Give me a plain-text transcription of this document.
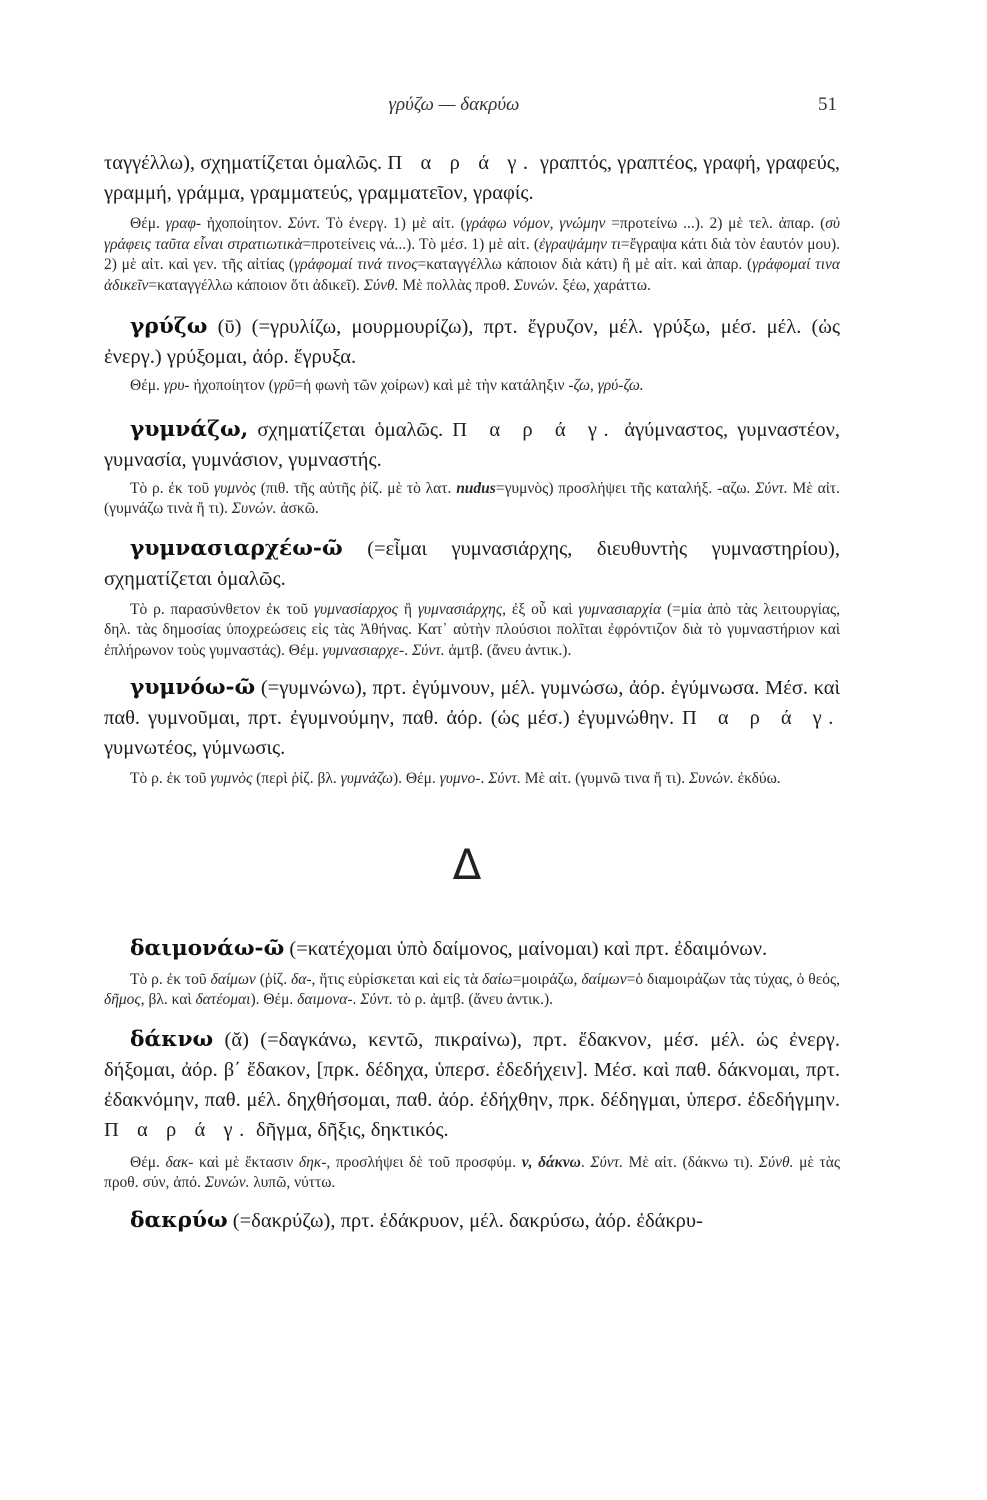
γρύζω — δακρύω	51
ταγγέλλω), σχηματίζεται ὁμαλῶς. Π α ρ ά γ. γραπτός, γραπτέος, γραφή, γραφεύς, γραμμή, γράμμα, γραμματεύς, γραμματεῖον, γραφίς.
Θέμ. γραφ- ἠχοποίητον. Σύντ. Τὸ ἐνεργ. 1) μὲ αἰτ. (γράφω νόμον, γνώμην =προτείνω ...). 2) μὲ τελ. ἀπαρ. (σὺ γράφεις ταῦτα εἶναι στρατιωτικὰ=προτείνεις νά...). Τὸ μέσ. 1) μὲ αἰτ. (ἐγραψάμην τι=ἔγραψα κάτι διὰ τὸν ἑαυτόν μου). 2) μὲ αἰτ. καὶ γεν. τῆς αἰτίας (γράφομαί τινά τινος=καταγγέλλω κάποιον διὰ κάτι) ἢ μὲ αἰτ. καὶ ἀπαρ. (γράφομαί τινα ἀδικεῖν=καταγγέλλω κάποιον ὅτι ἀδικεῖ). Σύνθ. Μὲ πολλὰς προθ. Συνών. ξέω, χαράττω.
γρύζω (ῡ) (=γρυλίζω, μουρμουρίζω), πρτ. ἔγρυζον, μέλ. γρύξω, μέσ. μέλ. (ὡς ἐνεργ.) γρύξομαι, ἀόρ. ἔγρυξα.
Θέμ. γρυ- ἠχοποίητον (γρῦ=ἡ φωνὴ τῶν χοίρων) καὶ μὲ τὴν κατάληξιν -ζω, γρύ-ζω.
γυμνάζω, σχηματίζεται ὁμαλῶς. Π α ρ ά γ. ἀγύμναστος, γυμναστέον, γυμνασία, γυμνάσιον, γυμναστής.
Τὸ ρ. ἐκ τοῦ γυμνὸς (πιθ. τῆς αὐτῆς ῥίζ. μὲ τὸ λατ. nudus=γυμνὸς) προσλήψει τῆς καταλήξ. -αζω. Σύντ. Μὲ αἰτ. (γυμνάζω τινὰ ἤ τι). Συνών. ἀσκῶ.
γυμνασιαρχέω-ῶ (=εἶμαι γυμνασιάρχης, διευθυντὴς γυμναστηρίου), σχηματίζεται ὁμαλῶς.
Τὸ ρ. παρασύνθετον ἐκ τοῦ γυμνασίαρχος ἢ γυμνασιάρχης, ἐξ οὗ καὶ γυμνασιαρχία (=μία ἀπὸ τὰς λειτουργίας, δηλ. τὰς δημοσίας ὑποχρεώσεις εἰς τὰς Ἀθήνας. Κατ᾽ αὐτὴν πλούσιοι πολῖται ἐφρόντιζον διὰ τὸ γυμναστήριον καὶ ἐπλήρωνον τοὺς γυμναστάς). Θέμ. γυμνασιαρχε-. Σύντ. ἀμτβ. (ἄνευ ἀντικ.).
γυμνόω-ῶ (=γυμνώνω), πρτ. ἐγύμνουν, μέλ. γυμνώσω, ἀόρ. ἐγύμνωσα. Μέσ. καὶ παθ. γυμνοῦμαι, πρτ. ἐγυμνούμην, παθ. ἀόρ. (ὡς μέσ.) ἐγυμνώθην. Π α ρ ά γ. γυμνωτέος, γύμνωσις.
Τὸ ρ. ἐκ τοῦ γυμνὸς (περὶ ῥίζ. βλ. γυμνάζω). Θέμ. γυμνο-. Σύντ. Μὲ αἰτ. (γυμνῶ τινα ἤ τι). Συνών. ἐκδύω.
Δ
δαιμονάω-ῶ (=κατέχομαι ὑπὸ δαίμονος, μαίνομαι) καὶ πρτ. ἐδαιμόνων.
Τὸ ρ. ἐκ τοῦ δαίμων (ῥίζ. δα-, ἥτις εὑρίσκεται καὶ εἰς τὰ δαίω=μοιράζω, δαίμων=ὁ διαμοιράζων τὰς τύχας, ὁ θεός, δῆμος, βλ. καὶ δατέομαι). Θέμ. δαιμονα-. Σύντ. τὸ ρ. ἀμτβ. (ἄνευ ἀντικ.).
δάκνω (ᾰ) (=δαγκάνω, κεντῶ, πικραίνω), πρτ. ἔδακνον, μέσ. μέλ. ὡς ἐνεργ. δήξομαι, ἀόρ. β΄ ἔδακον, [πρκ. δέδηχα, ὑπερσ. ἐδεδήχειν]. Μέσ. καὶ παθ. δάκνομαι, πρτ. ἐδακνόμην, παθ. μέλ. δηχθήσομαι, παθ. ἀόρ. ἐδήχθην, πρκ. δέδηγμαι, ὑπερσ. ἐδεδήγμην. Π α ρ ά γ. δῆγμα, δῆξις, δηκτικός.
Θέμ. δακ- καὶ μὲ ἔκτασιν δηκ-, προσλήψει δὲ τοῦ προσφύμ. ν, δάκνω. Σύντ. Μὲ αἰτ. (δάκνω τι). Σύνθ. μὲ τὰς προθ. σύν, ἀπό. Συνών. λυπῶ, νύττω.
δακρύω (=δακρύζω), πρτ. ἐδάκρυον, μέλ. δακρύσω, ἀόρ. ἐδάκρυ-
